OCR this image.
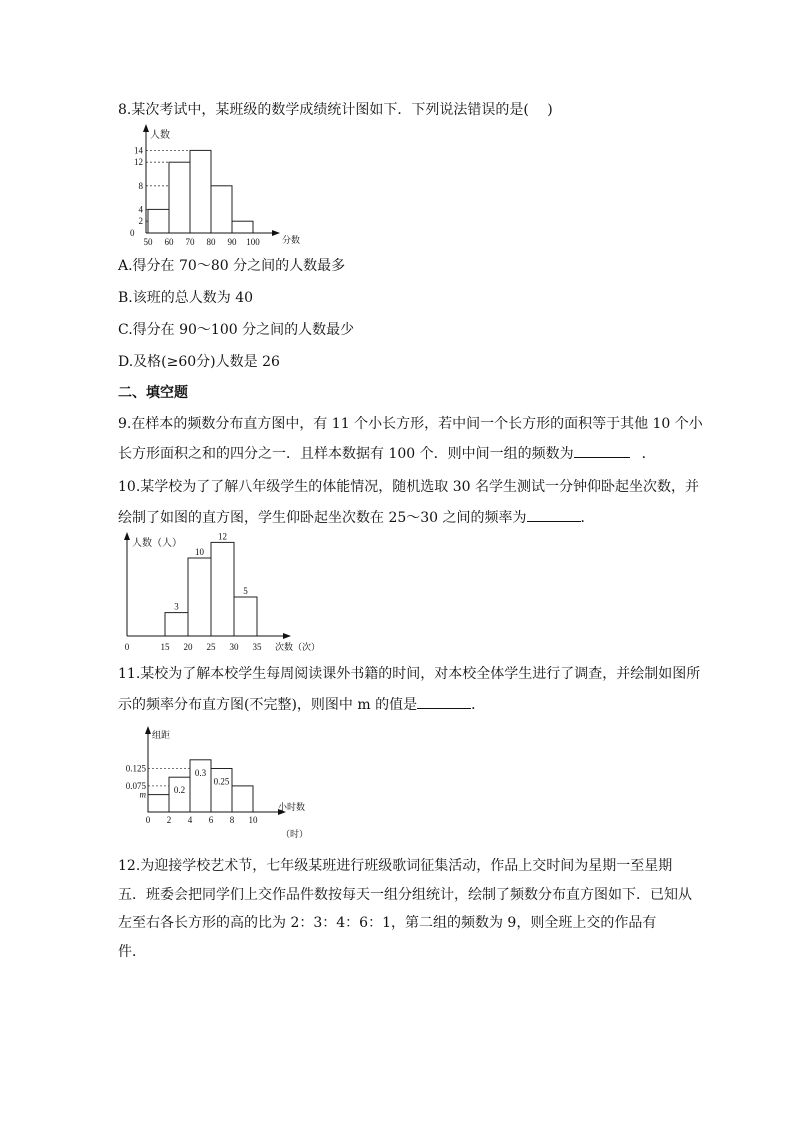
8.某次考试中，某班级的数学成绩统计图如下．下列说法错误的是(　 )
人数
分数
0
2
4
8
12
14
50 60 70 80 90 100
A.得分在 70～80 分之间的人数最多
B.该班的总人数为 40
C.得分在 90～100 分之间的人数最少
D.及格(≥60分)人数是 26
二、填空题
9.在样本的频数分布直方图中，有 11 个小长方形，若中间一个长方形的面积等于其他 10 个小
长方形面积之和的四分之一．且样本数据有 100 个．则中间一组的频数为	．
10.某学校为了了解八年级学生的体能情况，随机选取 30 名学生测试一分钟仰卧起坐次数，并
绘制了如图的直方图，学生仰卧起坐次数在 25～30 之间的频率为	．
3
10
12
5
人数（人）
次数（次）
0	15 20 25 30 35
11.某校为了解本校学生每周阅读课外书籍的时间，对本校全体学生进行了调查，并绘制如图所
示的频率分布直方图(不完整)，则图中 m 的值是	．
0.2
0.3
0.25
组距
小时数
（时）
m
0.075
0.125
0 2 4 6 8 10
12.为迎接学校艺术节，七年级某班进行班级歌词征集活动，作品上交时间为星期一至星期
五．班委会把同学们上交作品件数按每天一组分组统计，绘制了频数分布直方图如下．已知从
左至右各长方形的高的比为 2：3：4：6：1，第二组的频数为 9，则全班上交的作品有
件．
